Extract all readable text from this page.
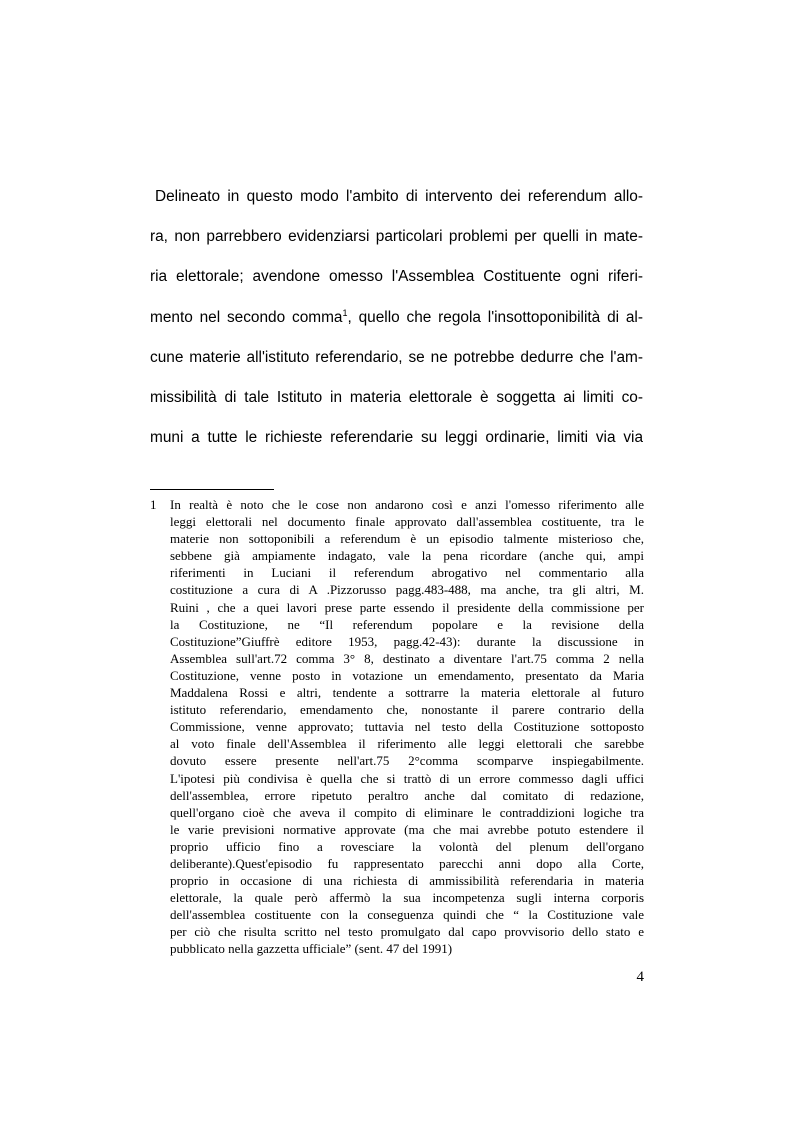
Delineato in questo modo l'ambito di intervento dei referendum allo-
ra, non parrebbero evidenziarsi particolari problemi per quelli in mate-
ria elettorale; avendone omesso l'Assemblea Costituente ogni riferi-
mento nel secondo comma$^1$, quello che regola l'insottoponibilità di al-
cune materie all'istituto referendario, se ne potrebbe dedurre che l'am-
missibilità di tale Istituto in materia elettorale è soggetta ai limiti co-
muni a tutte le richieste referendarie su leggi ordinarie, limiti via via
1 In realtà è noto che le cose non andarono così e anzi l'omesso riferimento alle
leggi elettorali nel documento finale approvato dall'assemblea costituente, tra le
materie non sottoponibili a referendum è un episodio talmente misterioso che,
sebbene già ampiamente indagato, vale la pena ricordare (anche qui, ampi
riferimenti in Luciani il referendum abrogativo nel commentario alla
costituzione a cura di A .Pizzorusso pagg.483-488, ma anche, tra gli altri, M.
Ruini , che a quei lavori prese parte essendo il presidente della commissione per
la Costituzione, ne “Il referendum popolare e la revisione della
Costituzione”Giuffrè editore 1953, pagg.42-43): durante la discussione in
Assemblea sull'art.72 comma 3° 8, destinato a diventare l'art.75 comma 2 nella
Costituzione, venne posto in votazione un emendamento, presentato da Maria
Maddalena Rossi e altri, tendente a sottrarre la materia elettorale al futuro
istituto referendario, emendamento che, nonostante il parere contrario della
Commissione, venne approvato; tuttavia nel testo della Costituzione sottoposto
al voto finale dell'Assemblea il riferimento alle leggi elettorali che sarebbe
dovuto essere presente nell'art.75 2°comma scomparve inspiegabilmente.
L'ipotesi più condivisa è quella che si trattò di un errore commesso dagli uffici
dell'assemblea, errore ripetuto peraltro anche dal comitato di redazione,
quell'organo cioè che aveva il compito di eliminare le contraddizioni logiche tra
le varie previsioni normative approvate (ma che mai avrebbe potuto estendere il
proprio ufficio fino a rovesciare la volontà del plenum dell'organo
deliberante).Quest'episodio fu rappresentato parecchi anni dopo alla Corte,
proprio in occasione di una richiesta di ammissibilità referendaria in materia
elettorale, la quale però affermò la sua incompetenza sugli interna corporis
dell'assemblea costituente con la conseguenza quindi che “ la Costituzione vale
per ciò che risulta scritto nel testo promulgato dal capo provvisorio dello stato e
pubblicato nella gazzetta ufficiale” (sent. 47 del 1991)
4
